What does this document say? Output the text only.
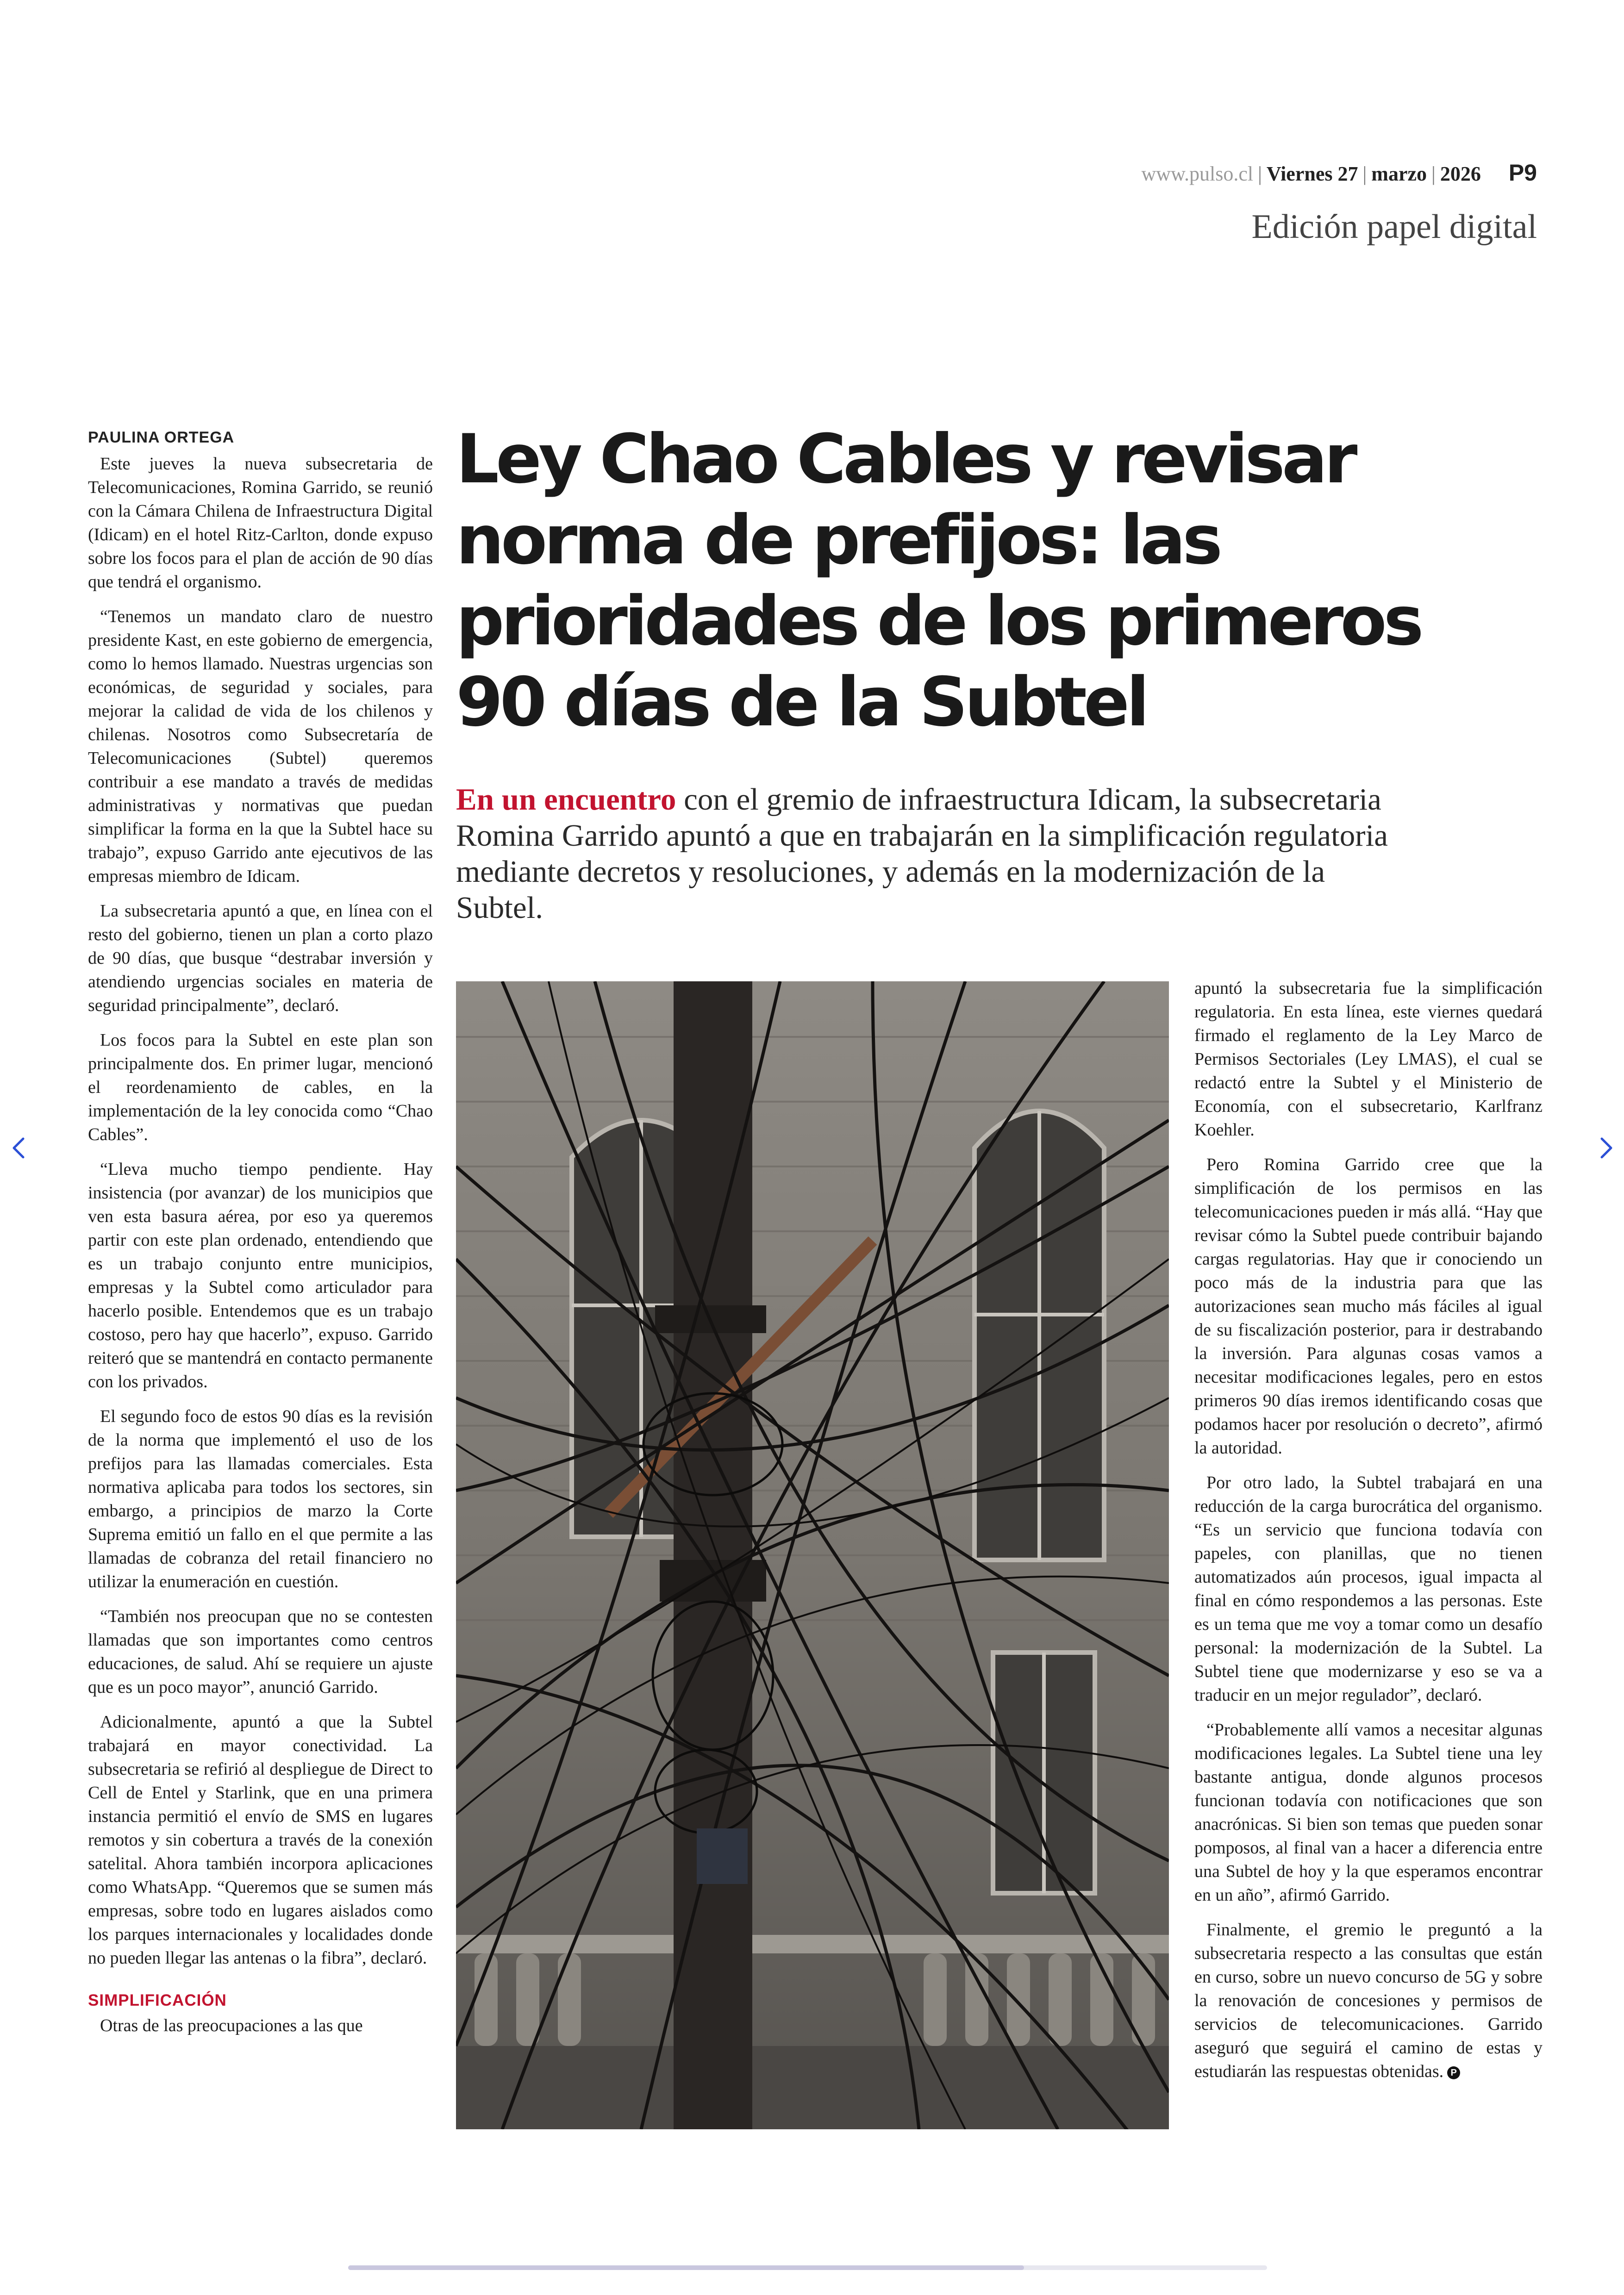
www.pulso.cl | Viernes 27 | marzo | 2026 P9
Edición papel digital
Ley Chao Cables y revisar norma de prefijos: las prioridades de los primeros 90 días de la Subtel
En un encuentro con el gremio de infraestructura Idicam, la subsecretaria Romina Garrido apuntó a que en trabajarán en la simplificación regulatoria mediante decretos y resoluciones, y además en la modernización de la Subtel.
PAULINA ORTEGA

Este jueves la nueva subsecretaria de Telecomunicaciones, Romina Garrido, se reunió con la Cámara Chilena de Infraestructura Digital (Idicam) en el hotel Ritz-Carlton, donde expuso sobre los focos para el plan de acción de 90 días que tendrá el organismo.

“Tenemos un mandato claro de nuestro presidente Kast, en este gobierno de emergencia, como lo hemos llamado. Nuestras urgencias son económicas, de seguridad y sociales, para mejorar la calidad de vida de los chilenos y chilenas. Nosotros como Subsecretaría de Telecomunicaciones (Subtel) queremos contribuir a ese mandato a través de medidas administrativas y normativas que puedan simplificar la forma en la que la Subtel hace su trabajo”, expuso Garrido ante ejecutivos de las empresas miembro de Idicam.

La subsecretaria apuntó a que, en línea con el resto del gobierno, tienen un plan a corto plazo de 90 días, que busque “destrabar inversión y atendiendo urgencias sociales en materia de seguridad principalmente”, declaró.

Los focos para la Subtel en este plan son principalmente dos. En primer lugar, mencionó el reordenamiento de cables, en la implementación de la ley conocida como “Chao Cables”.

“Lleva mucho tiempo pendiente. Hay insistencia (por avanzar) de los municipios que ven esta basura aérea, por eso ya queremos partir con este plan ordenado, entendiendo que es un trabajo conjunto entre municipios, empresas y la Subtel como articulador para hacerlo posible. Entendemos que es un trabajo costoso, pero hay que hacerlo”, expuso. Garrido reiteró que se mantendrá en contacto permanente con los privados.

El segundo foco de estos 90 días es la revisión de la norma que implementó el uso de los prefijos para las llamadas comerciales. Esta normativa aplicaba para todos los sectores, sin embargo, a principios de marzo la Corte Suprema emitió un fallo en el que permite a las llamadas de cobranza del retail financiero no utilizar la enumeración en cuestión.

“También nos preocupan que no se contesten llamadas que son importantes como centros educaciones, de salud. Ahí se requiere un ajuste que es un poco mayor”, anunció Garrido.

Adicionalmente, apuntó a que la Subtel trabajará en mayor conectividad. La subsecretaria se refirió al despliegue de Direct to Cell de Entel y Starlink, que en una primera instancia permitió el envío de SMS en lugares remotos y sin cobertura a través de la conexión satelital. Ahora también incorpora aplicaciones como WhatsApp. “Queremos que se sumen más empresas, sobre todo en lugares aislados como los parques internacionales y localidades donde no pueden llegar las antenas o la fibra”, declaró.

SIMPLIFICACIÓN

Otras de las preocupaciones a las que

apuntó la subsecretaria fue la simplificación regulatoria. En esta línea, este viernes quedará firmado el reglamento de la Ley Marco de Permisos Sectoriales (Ley LMAS), el cual se redactó entre la Subtel y el Ministerio de Economía, con el subsecretario, Karlfranz Koehler.

Pero Romina Garrido cree que la simplificación de los permisos en las telecomunicaciones pueden ir más allá. “Hay que revisar cómo la Subtel puede contribuir bajando cargas regulatorias. Hay que ir conociendo un poco más de la industria para que las autorizaciones sean mucho más fáciles al igual de su fiscalización posterior, para ir destrabando la inversión. Para algunas cosas vamos a necesitar modificaciones legales, pero en estos primeros 90 días iremos identificando cosas que podamos hacer por resolución o decreto”, afirmó la autoridad.

Por otro lado, la Subtel trabajará en una reducción de la carga burocrática del organismo. “Es un servicio que funciona todavía con papeles, con planillas, que no tienen automatizados aún procesos, igual impacta al final en cómo respondemos a las personas. Este es un tema que me voy a tomar como un desafío personal: la modernización de la Subtel. La Subtel tiene que modernizarse y eso se va a traducir en un mejor regulador”, declaró.

“Probablemente allí vamos a necesitar algunas modificaciones legales. La Subtel tiene una ley bastante antigua, donde algunos procesos funcionan todavía con notificaciones que son anacrónicas. Si bien son temas que pueden sonar pomposos, al final van a hacer a diferencia entre una Subtel de hoy y la que esperamos encontrar en un año”, afirmó Garrido.

Finalmente, el gremio le preguntó a la subsecretaria respecto a las consultas que están en curso, sobre un nuevo concurso de 5G y sobre la renovación de concesiones y permisos de servicios de telecomunicaciones. Garrido aseguró que seguirá el camino de estas y estudiarán las respuestas obtenidas. P
